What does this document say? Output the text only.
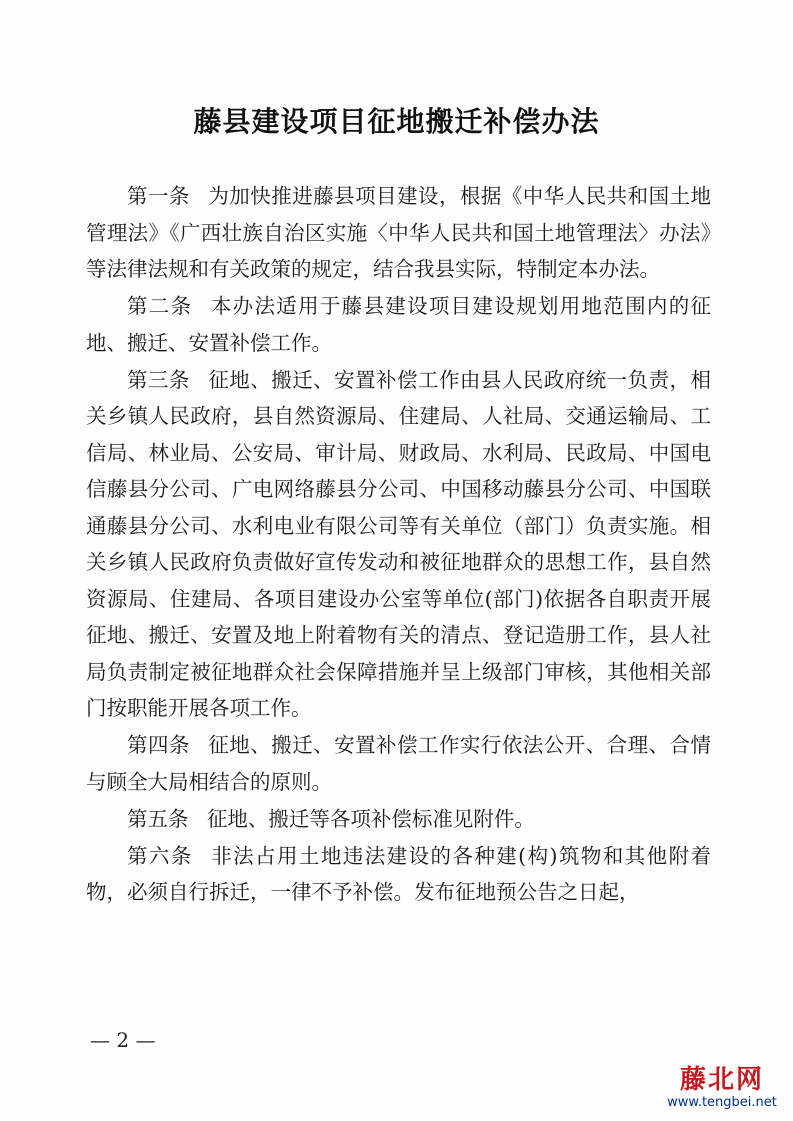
藤县建设项目征地搬迁补偿办法

第一条 为加快推进藤县项目建设，根据《中华人民共和国土地管理法》《广西壮族自治区实施〈中华人民共和国土地管理法〉办法》等法律法规和有关政策的规定，结合我县实际，特制定本办法。

第二条 本办法适用于藤县建设项目建设规划用地范围内的征地、搬迁、安置补偿工作。

第三条 征地、搬迁、安置补偿工作由县人民政府统一负责，相关乡镇人民政府，县自然资源局、住建局、人社局、交通运输局、工信局、林业局、公安局、审计局、财政局、水利局、民政局、中国电信藤县分公司、广电网络藤县分公司、中国移动藤县分公司、中国联通藤县分公司、水利电业有限公司等有关单位（部门）负责实施。相关乡镇人民政府负责做好宣传发动和被征地群众的思想工作，县自然资源局、住建局、各项目建设办公室等单位(部门)依据各自职责开展征地、搬迁、安置及地上附着物有关的清点、登记造册工作，县人社局负责制定被征地群众社会保障措施并呈上级部门审核，其他相关部门按职能开展各项工作。

第四条 征地、搬迁、安置补偿工作实行依法公开、合理、合情与顾全大局相结合的原则。

第五条 征地、搬迁等各项补偿标准见附件。

第六条 非法占用土地违法建设的各种建(构)筑物和其他附着物，必须自行拆迁，一律不予补偿。发布征地预公告之日起，

— 2 —
藤北网
www.tengbei.net
